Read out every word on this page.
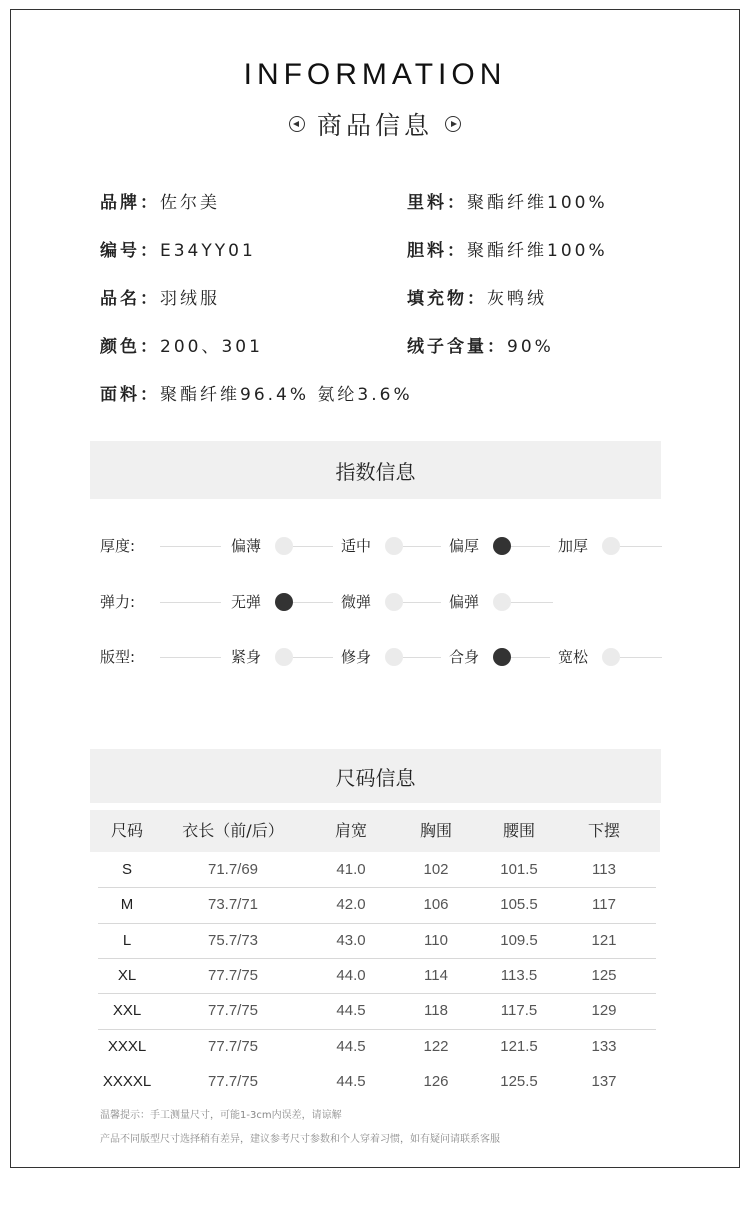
INFORMATION
商品信息
品牌：佐尔美	里料：聚酯纤维100%
编号：E34YY01	胆料：聚酯纤维100%
品名：羽绒服	填充物：灰鸭绒
颜色：200、301	绒子含量：90%
面料：聚酯纤维96.4% 氨纶3.6%
指数信息
厚度:	偏薄	适中	偏厚	加厚
弹力:	无弹	微弹	偏弹
版型:	紧身	修身	合身	宽松
尺码信息
尺码 衣长（前/后）	肩宽	胸围	腰围	下摆
S	71.7/69	41.0	102	101.5	113
M	73.7/71	42.0	106	105.5	117
L	75.7/73	43.0	110	109.5	121
XL	77.7/75	44.0	114	113.5	125
XXL	77.7/75	44.5	118	117.5	129
XXXL	77.7/75	44.5	122	121.5	133
XXXXL	77.7/75	44.5	126	125.5	137
温馨提示：手工测量尺寸，可能1-3cm内误差，请谅解
产品不同版型尺寸选择稍有差异，建议参考尺寸参数和个人穿着习惯，如有疑问请联系客服
